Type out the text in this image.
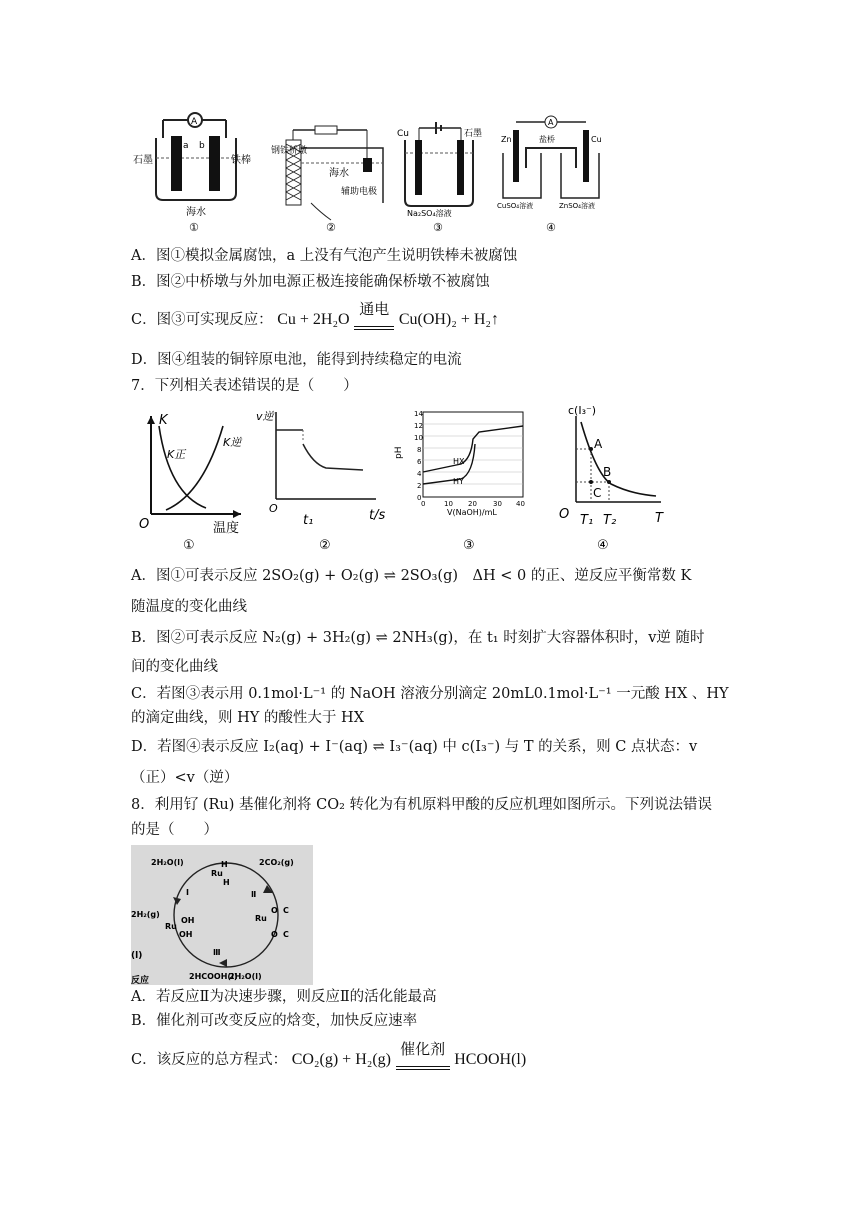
A
a b
石墨	铁棒
海水
①
钢铁桥墩
海水
辅助电极
②
Cu	石墨
Na₂SO₄溶液
③
A
盐桥
Zn	Cu
CuSO₄溶液	ZnSO₄溶液
④
A．图①模拟金属腐蚀，a 上没有气泡产生说明铁棒未被腐蚀
B．图②中桥墩与外加电源正极连接能确保桥墩不被腐蚀
C．图③可实现反应： Cu + 2H₂O
通电
Cu(OH)₂ + H₂↑
D．图④组装的铜锌原电池，能得到持续稳定的电流
7．下列相关表述错误的是（　　）
K
K正
K逆
O	温度
①
v逆
O
t₁	t/s
②
pH
14
12
10
8
6
4
2
0
0	10 20 30 40
HX
HY
V(NaOH)/mL
③
c(I₃⁻)
A
B
C
O T₁ T₂	T
④
A．图①可表示反应 2SO₂(g) + O₂(g) ⇌ 2SO₃(g)　ΔH < 0 的正、逆反应平衡常数 K
随温度的变化曲线
B．图②可表示反应 N₂(g) + 3H₂(g) ⇌ 2NH₃(g)，在 t₁ 时刻扩大容器体积时，v逆 随时
间的变化曲线
C．若图③表示用 0.1mol·L⁻¹ 的 NaOH 溶液分别滴定 20mL0.1mol·L⁻¹ 一元酸 HX 、HY
的滴定曲线，则 HY 的酸性大于 HX
D．若图④表示反应 I₂(aq) + I⁻(aq) ⇌ I₃⁻(aq) 中 c(I₃⁻) 与 T 的关系，则 C 点状态：v
（正）<v（逆）
8．利用钌 (Ru) 基催化剂将 CO₂ 转化为有机原料甲酸的反应机理如图所示。下列说法错误
的是（　　）
2H₂O(l)	2CO₂(g)
2H₂(g)
2HCOOH(l)
2H₂O(l)
Ⅰ	Ⅱ
Ⅲ
H
Ru
H
Ru
OH
OH
Ru
O C
O C
(l)
反应
A．若反应Ⅱ为决速步骤，则反应Ⅱ的活化能最高
B．催化剂可改变反应的焓变，加快反应速率
C．该反应的总方程式： CO₂(g) + H₂(g)
催化剂
HCOOH(l)
